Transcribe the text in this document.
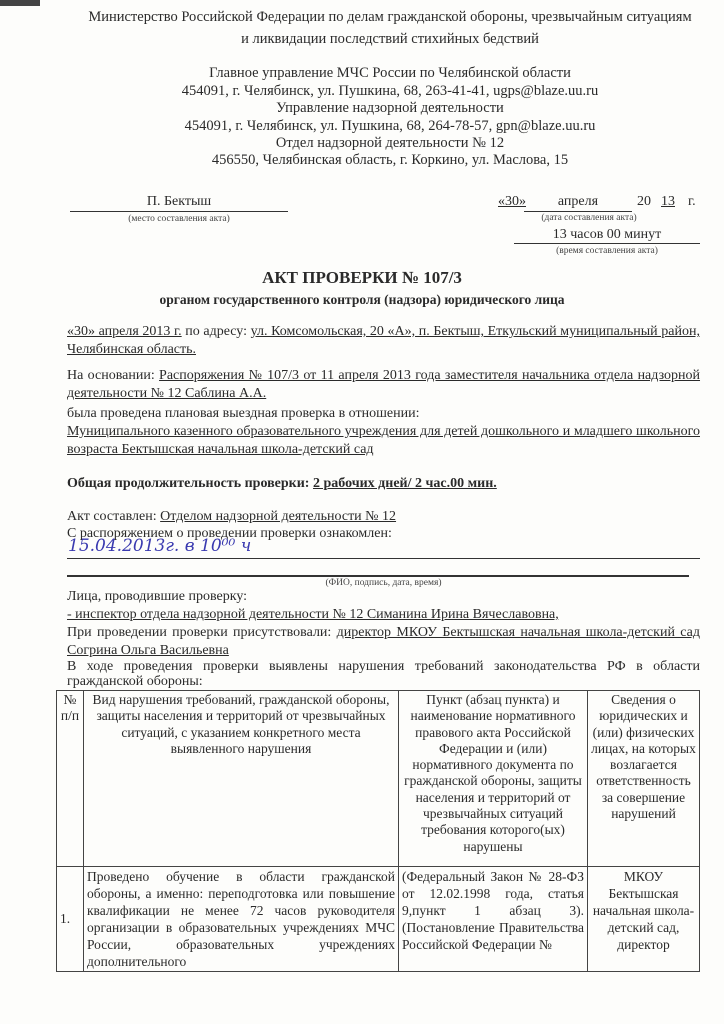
Министерство Российской Федерации по делам гражданской обороны, чрезвычайным ситуациям
и ликвидации последствий стихийных бедствий
Главное управление МЧС России по Челябинской области
454091, г. Челябинск, ул. Пушкина, 68, 263-41-41, ugps@blaze.uu.ru
Управление надзорной деятельности
454091, г. Челябинск, ул. Пушкина, 68, 264-78-57, gpn@blaze.uu.ru
Отдел надзорной деятельности № 12
456550, Челябинская область, г. Коркино, ул. Маслова, 15
П. Бектыш
(место составления акта)
«30»	апреля	20 13 г.
(дата составления акта)
13 часов 00 минут
(время составления акта)
АКТ ПРОВЕРКИ № 107/3
органом государственного контроля (надзора) юридического лица
«30» апреля 2013 г. по адресу: ул. Комсомольская, 20 «А», п. Бектыш, Еткульский муниципальный район, Челябинская область.
На основании: Распоряжения № 107/3 от 11 апреля 2013 года заместителя начальника отдела надзорной деятельности № 12 Саблина А.А.
была проведена плановая выездная проверка в отношении:
Муниципального казенного образовательного учреждения для детей дошкольного и младшего школьного возраста Бектышская начальная школа-детский сад
Общая продолжительность проверки: 2 рабочих дней/ 2 час.00 мин.
Акт составлен: Отделом надзорной деятельности № 12
С распоряжением о проведении проверки ознакомлен:
15.04.2013г. в 10⁰⁰ ч
(ФИО, подпись, дата, время)
Лица, проводившие проверку:
- инспектор отдела надзорной деятельности № 12 Симанина Ирина Вячеславовна,
При проведении проверки присутствовали: директор МКОУ Бектышская начальная школа-детский сад Согрина Ольга Васильевна
В ходе проведения проверки выявлены нарушения требований законодательства РФ в области гражданской обороны:
№ п/п	Вид нарушения требований, гражданской обороны, защиты населения и территорий от чрезвычайных ситуаций, с указанием конкретного места выявленного нарушения	Пункт (абзац пункта) и наименование нормативного правового акта Российской Федерации и (или) нормативного документа по гражданской обороны, защиты населения и территорий от чрезвычайных ситуаций требования которого(ых) нарушены	Сведения о юридических и (или) физических лицах, на которых возлагается ответственность за совершение нарушений
1.	Проведено обучение в области гражданской обороны, а именно: переподготовка или повышение квалификации не менее 72 часов руководителя организации в образовательных учреждениях МЧС России, образовательных учреждениях дополнительного	(Федеральный Закон № 28-ФЗ от 12.02.1998 года, статья 9,пункт 1 абзац 3). (Постановление Правительства Российской Федерации №	МКОУ Бектышская начальная школа-детский сад, директор
